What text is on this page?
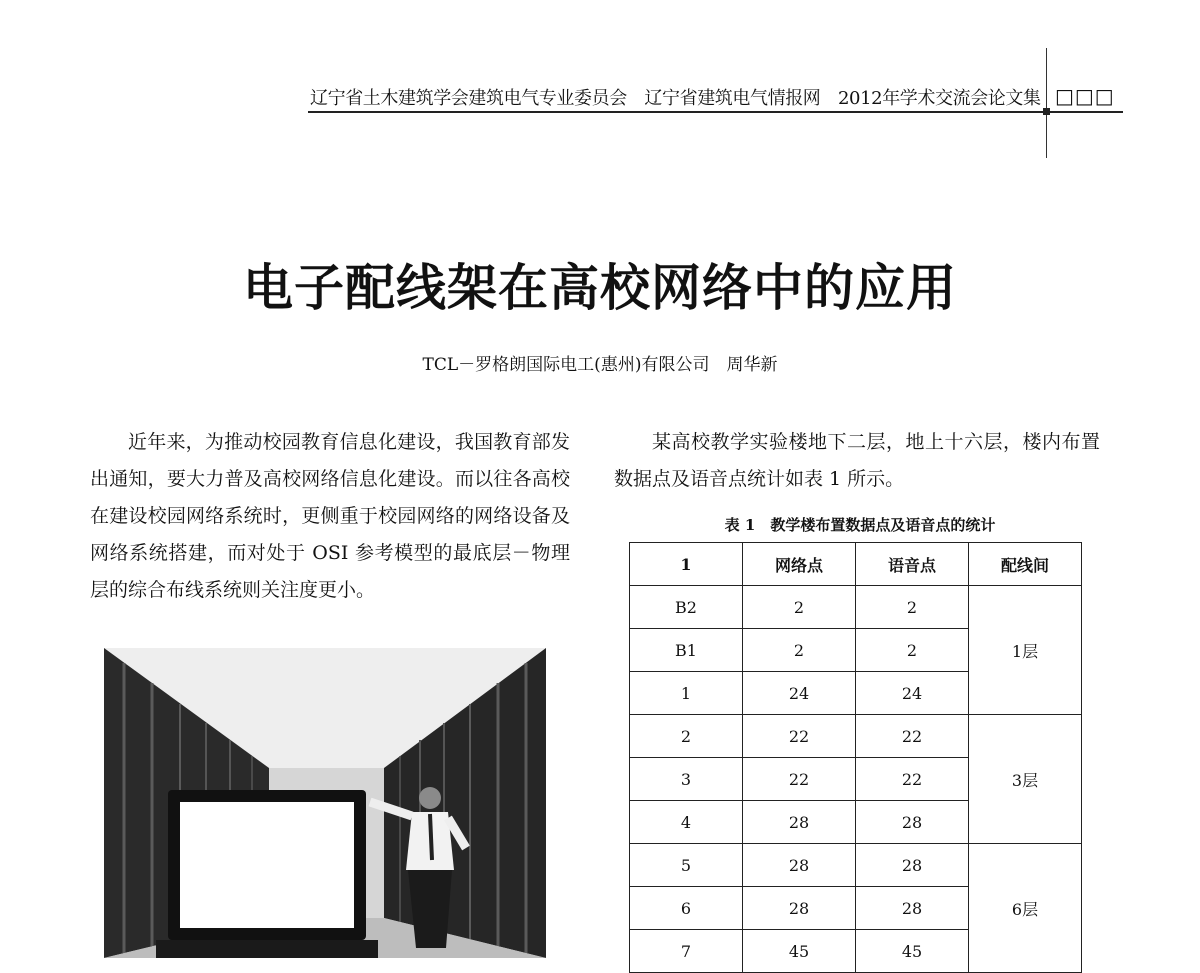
辽宁省土木建筑学会建筑电气专业委员会　辽宁省建筑电气情报网　2012年学术交流会论文集 □□□
电子配线架在高校网络中的应用
TCL－罗格朗国际电工(惠州)有限公司　周华新

近年来，为推动校园教育信息化建设，我国教育部发出通知，要大力普及高校网络信息化建设。而以往各高校在建设校园网络系统时，更侧重于校园网络的网络设备及网络系统搭建，而对处于 OSI 参考模型的最底层－物理层的综合布线系统则关注度更小。

某高校教学实验楼地下二层，地上十六层，楼内布置数据点及语音点统计如表 1 所示。

表 1　教学楼布置数据点及语音点的统计
1	网络点	语音点	配线间
B2	2	2	1层
B1	2	2	
1	24	24	
2	22	22	3层
3	22	22	
4	28	28	
5	28	28	6层
6	28	28	
7	45	45	
